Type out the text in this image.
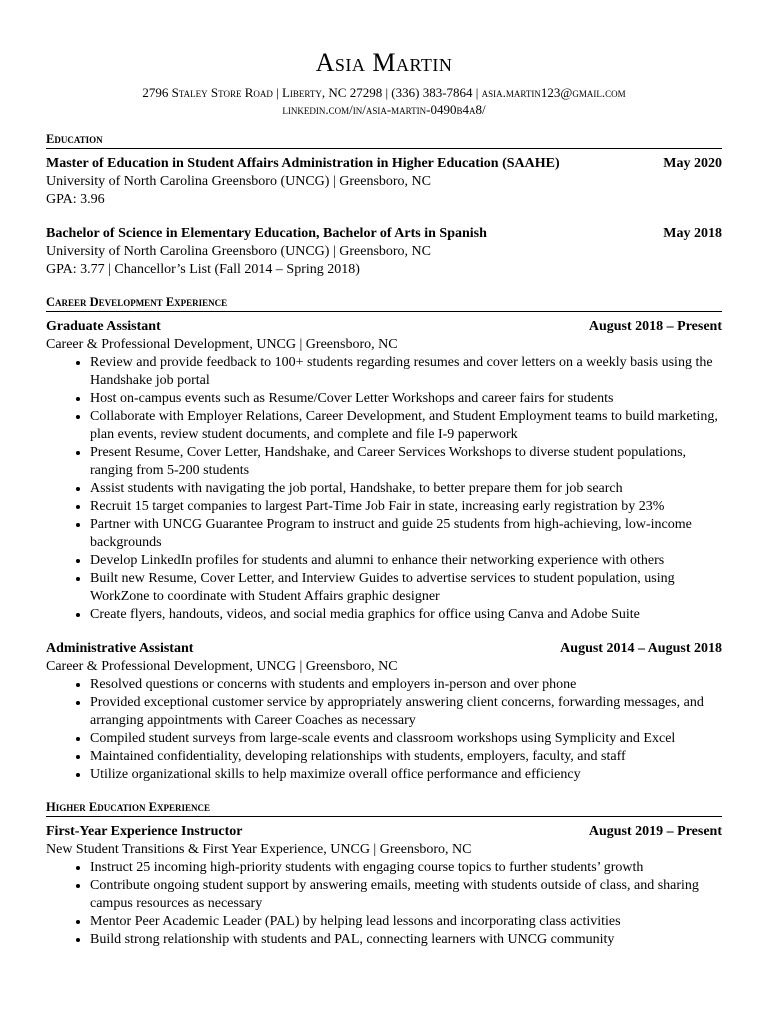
Asia Martin
2796 Staley Store Road | Liberty, NC 27298 | (336) 383-7864 | asia.martin123@gmail.com
linkedin.com/in/asia-martin-0490b4a8/
Education
Master of Education in Student Affairs Administration in Higher Education (SAAHE)	May 2020
University of North Carolina Greensboro (UNCG) | Greensboro, NC
GPA: 3.96
Bachelor of Science in Elementary Education, Bachelor of Arts in Spanish	May 2018
University of North Carolina Greensboro (UNCG) | Greensboro, NC
GPA: 3.77 | Chancellor’s List (Fall 2014 – Spring 2018)
Career Development Experience
Graduate Assistant	August 2018 – Present
Career & Professional Development, UNCG | Greensboro, NC
• Review and provide feedback to 100+ students regarding resumes and cover letters on a weekly basis using the Handshake job portal
• Host on-campus events such as Resume/Cover Letter Workshops and career fairs for students
• Collaborate with Employer Relations, Career Development, and Student Employment teams to build marketing, plan events, review student documents, and complete and file I-9 paperwork
• Present Resume, Cover Letter, Handshake, and Career Services Workshops to diverse student populations, ranging from 5-200 students
• Assist students with navigating the job portal, Handshake, to better prepare them for job search
• Recruit 15 target companies to largest Part-Time Job Fair in state, increasing early registration by 23%
• Partner with UNCG Guarantee Program to instruct and guide 25 students from high-achieving, low-income backgrounds
• Develop LinkedIn profiles for students and alumni to enhance their networking experience with others
• Built new Resume, Cover Letter, and Interview Guides to advertise services to student population, using WorkZone to coordinate with Student Affairs graphic designer
• Create flyers, handouts, videos, and social media graphics for office using Canva and Adobe Suite
Administrative Assistant	August 2014 – August 2018
Career & Professional Development, UNCG | Greensboro, NC
• Resolved questions or concerns with students and employers in-person and over phone
• Provided exceptional customer service by appropriately answering client concerns, forwarding messages, and arranging appointments with Career Coaches as necessary
• Compiled student surveys from large-scale events and classroom workshops using Symplicity and Excel
• Maintained confidentiality, developing relationships with students, employers, faculty, and staff
• Utilize organizational skills to help maximize overall office performance and efficiency
Higher Education Experience
First-Year Experience Instructor	August 2019 – Present
New Student Transitions & First Year Experience, UNCG | Greensboro, NC
• Instruct 25 incoming high-priority students with engaging course topics to further students’ growth
• Contribute ongoing student support by answering emails, meeting with students outside of class, and sharing campus resources as necessary
• Mentor Peer Academic Leader (PAL) by helping lead lessons and incorporating class activities
• Build strong relationship with students and PAL, connecting learners with UNCG community
